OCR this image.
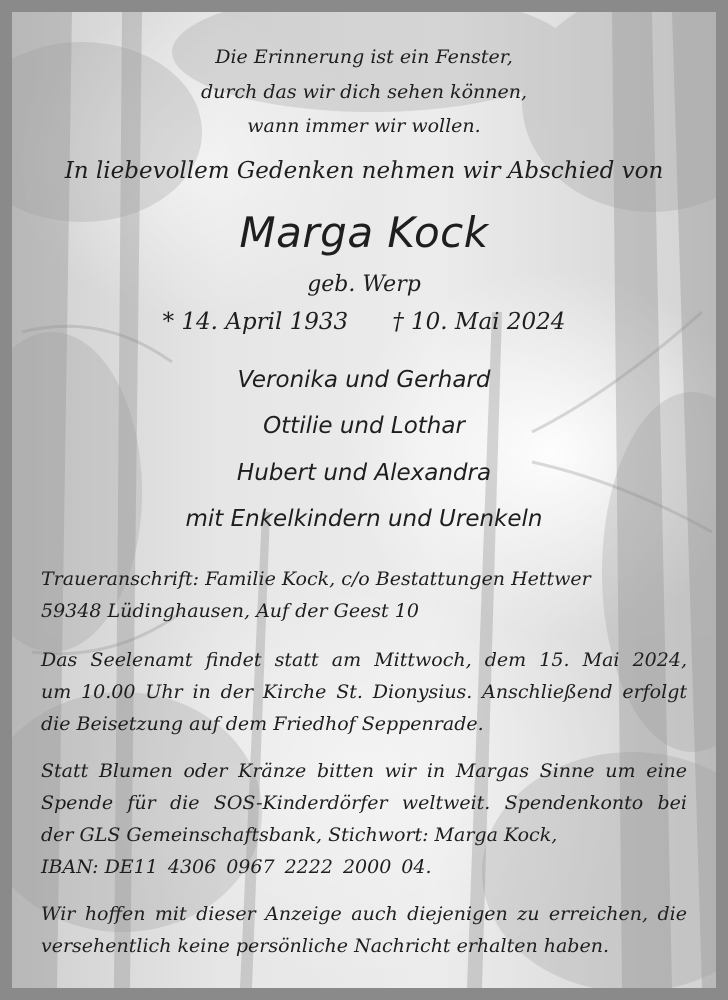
Die Erinnerung ist ein Fenster,

durch das wir dich sehen können,

wann immer wir wollen.

In liebevollem Gedenken nehmen wir Abschied von

Marga Kock

geb. Werp

* 14. April 1933 † 10. Mai 2024

Veronika und Gerhard

Ottilie und Lothar

Hubert und Alexandra

mit Enkelkindern und Urenkeln

Traueranschrift: Familie Kock, c/o Bestattungen Hettwer
59348 Lüdinghausen, Auf der Geest 10
Das Seelenamt findet statt am Mittwoch, dem 15. Mai 2024,
um 10.00 Uhr in der Kirche St. Dionysius. Anschließend erfolgt
die Beisetzung auf dem Friedhof Seppenrade.
Statt Blumen oder Kränze bitten wir in Margas Sinne um eine
Spende für die SOS-Kinderdörfer weltweit. Spendenkonto bei
der GLS Gemeinschaftsbank, Stichwort: Marga Kock,
IBAN: DE11 4306 0967 2222 2000 04.
Wir hoffen mit dieser Anzeige auch diejenigen zu erreichen, die
versehentlich keine persönliche Nachricht erhalten haben.
